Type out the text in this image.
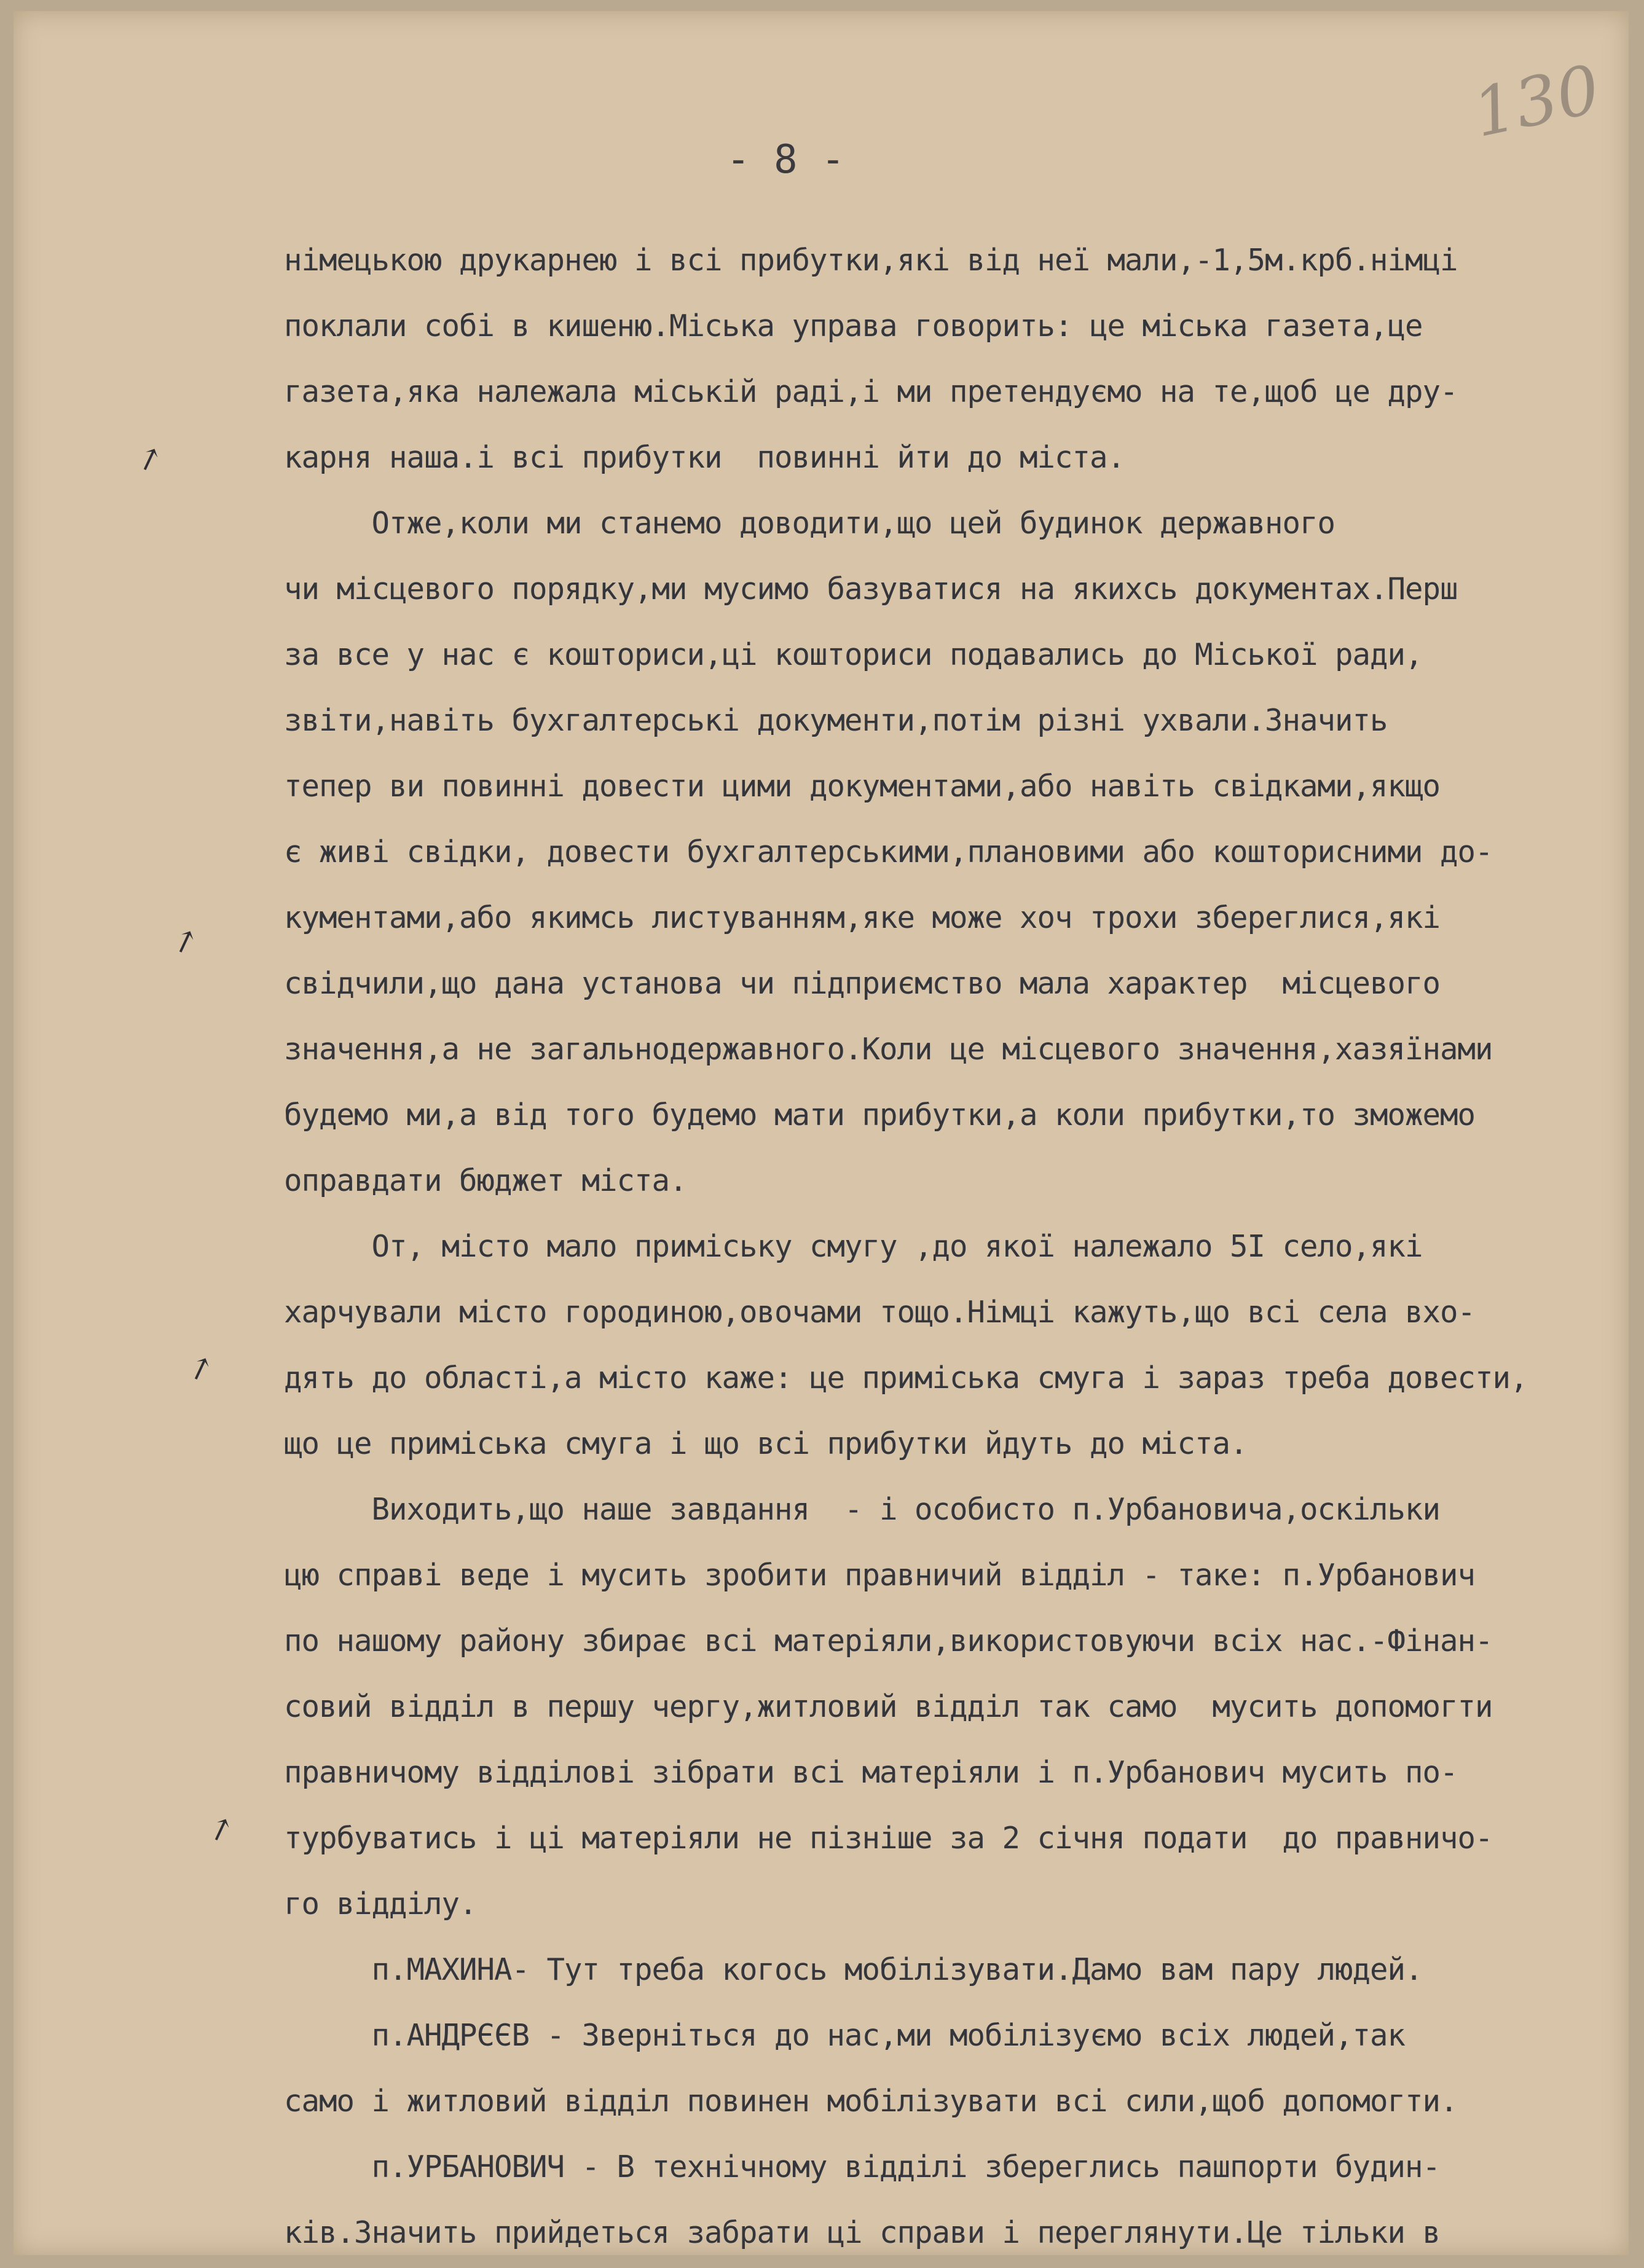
130
- 8 -
↗
↗
↗
↗
німецькою друкарнею і всі прибутки,які від неї мали,-1,5м.крб.німці
поклали собі в кишеню.Міська управа говорить: це міська газета,це
газета,яка належала міській раді,і ми претендуємо на те,щоб це дру-
карня наша.і всі прибутки  повинні йти до міста.
Отже,коли ми станемо доводити,що цей будинок державного
чи місцевого порядку,ми мусимо базуватися на якихсь документах.Перш
за все у нас є кошториси,ці кошториси подавались до Міської ради,
звіти,навіть бухгалтерські документи,потім різні ухвали.Значить
тепер ви повинні довести цими документами,або навіть свідками,якщо
є живі свідки, довести бухгалтерськими,плановими або кошторисними до-
кументами,або якимсь листуванням,яке може хоч трохи збереглися,які
свідчили,що дана установа чи підприємство мала характер  місцевого
значення,а не загальнодержавного.Коли це місцевого значення,хазяїнами
будемо ми,а від того будемо мати прибутки,а коли прибутки,то зможемо
оправдати бюджет міста.
От, місто мало приміську смугу ,до якої належало 5І село,які
харчували місто городиною,овочами тощо.Німці кажуть,що всі села вхо-
дять до області,а місто каже: це приміська смуга і зараз треба довести,
що це приміська смуга і що всі прибутки йдуть до міста.
Виходить,що наше завдання  - і особисто п.Урбановича,оскільки
цю справі веде і мусить зробити правничий відділ - таке: п.Урбанович
по нашому району збирає всі матеріяли,використовуючи всіх нас.-Фінан-
совий відділ в першу чергу,житловий відділ так само  мусить допомогти
правничому відділові зібрати всі матеріяли і п.Урбанович мусить по-
турбуватись і ці матеріяли не пізніше за 2 січня подати  до правничо-
го відділу.
п.МАХИНА- Тут треба когось мобілізувати.Дамо вам пару людей.
п.АНДРЄЄВ - Зверніться до нас,ми мобілізуємо всіх людей,так
само і житловий відділ повинен мобілізувати всі сили,щоб допомогти.
п.УРБАНОВИЧ - В технічному відділі збереглись пашпорти будин-
ків.Значить прийдеться забрати ці справи і переглянути.Це тільки в
